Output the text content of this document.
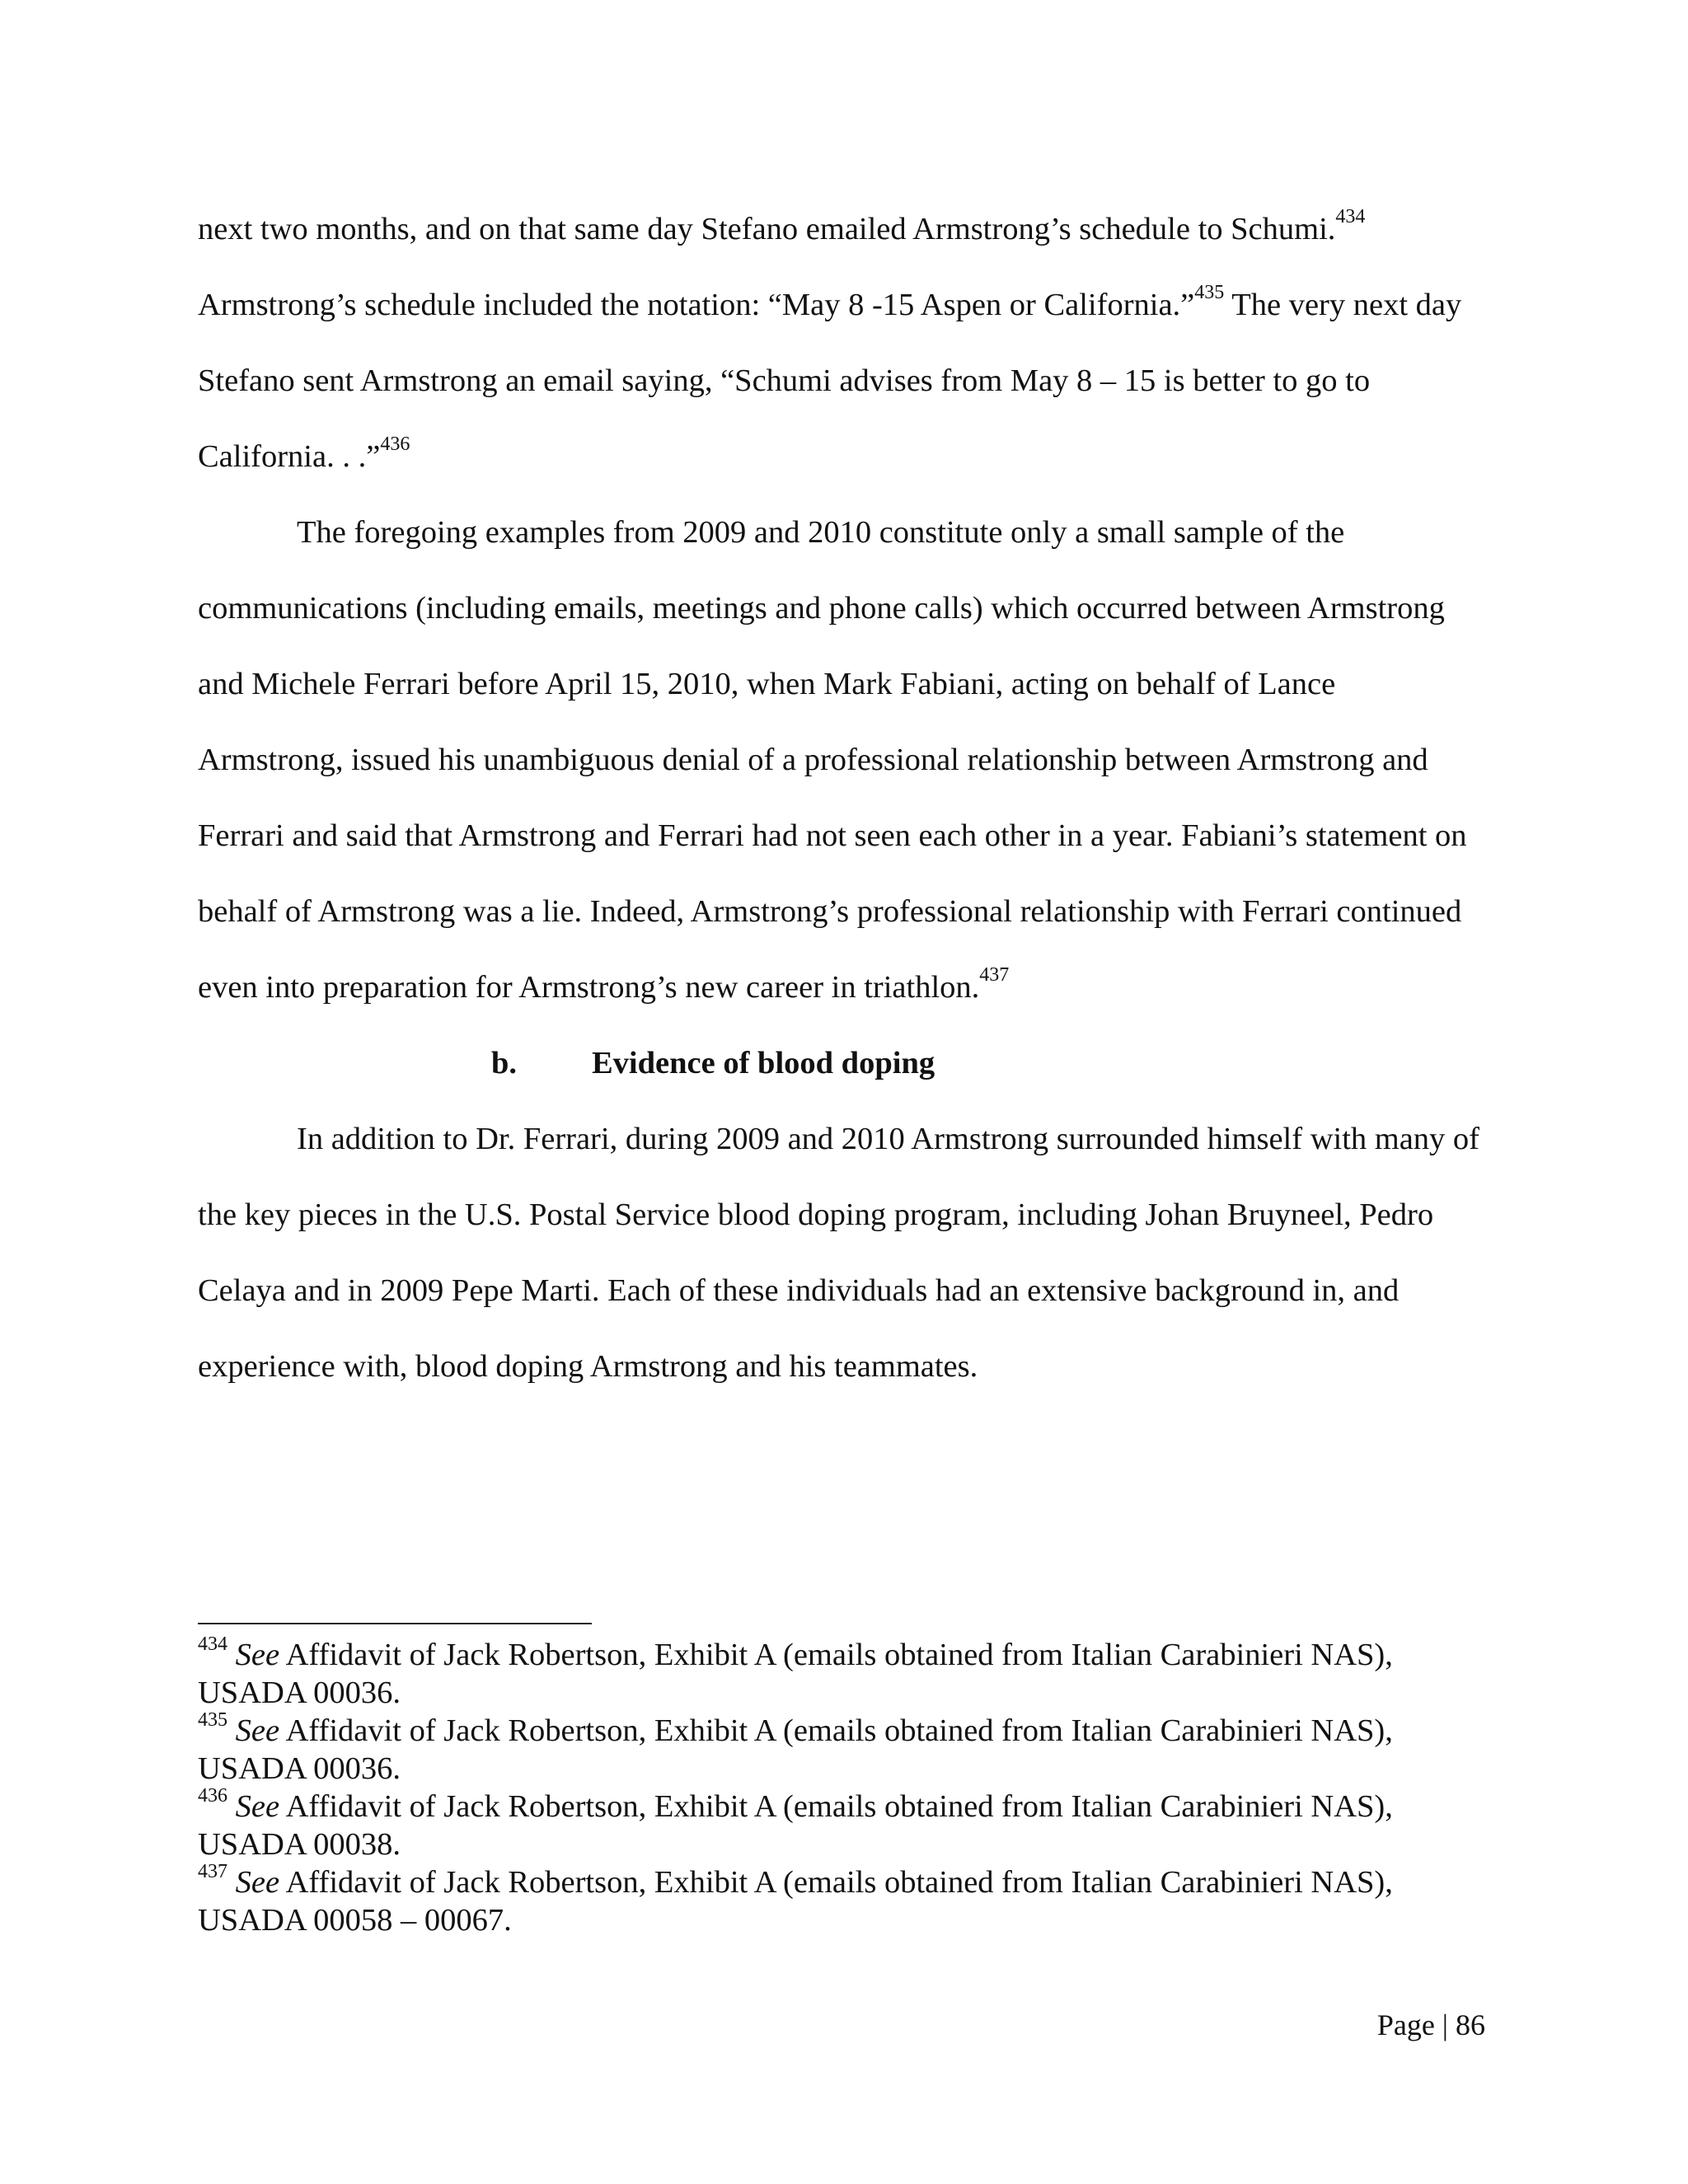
next two months, and on that same day Stefano emailed Armstrong’s schedule to Schumi.$^{434}$ Armstrong’s schedule included the notation: “May 8 -15 Aspen or California.”$^{435}$ The very next day Stefano sent Armstrong an email saying, “Schumi advises from May 8 – 15 is better to go to California. . .”$^{436}$

The foregoing examples from 2009 and 2010 constitute only a small sample of the communications (including emails, meetings and phone calls) which occurred between Armstrong and Michele Ferrari before April 15, 2010, when Mark Fabiani, acting on behalf of Lance Armstrong, issued his unambiguous denial of a professional relationship between Armstrong and Ferrari and said that Armstrong and Ferrari had not seen each other in a year. Fabiani’s statement on behalf of Armstrong was a lie. Indeed, Armstrong’s professional relationship with Ferrari continued even into preparation for Armstrong’s new career in triathlon.$^{437}$

b. Evidence of blood doping

In addition to Dr. Ferrari, during 2009 and 2010 Armstrong surrounded himself with many of the key pieces in the U.S. Postal Service blood doping program, including Johan Bruyneel, Pedro Celaya and in 2009 Pepe Marti. Each of these individuals had an extensive background in, and experience with, blood doping Armstrong and his teammates.

$^{434}$ See Affidavit of Jack Robertson, Exhibit A (emails obtained from Italian Carabinieri NAS), USADA 00036.

$^{435}$ See Affidavit of Jack Robertson, Exhibit A (emails obtained from Italian Carabinieri NAS), USADA 00036.

$^{436}$ See Affidavit of Jack Robertson, Exhibit A (emails obtained from Italian Carabinieri NAS), USADA 00038.

$^{437}$ See Affidavit of Jack Robertson, Exhibit A (emails obtained from Italian Carabinieri NAS), USADA 00058 – 00067.

Page | 86
